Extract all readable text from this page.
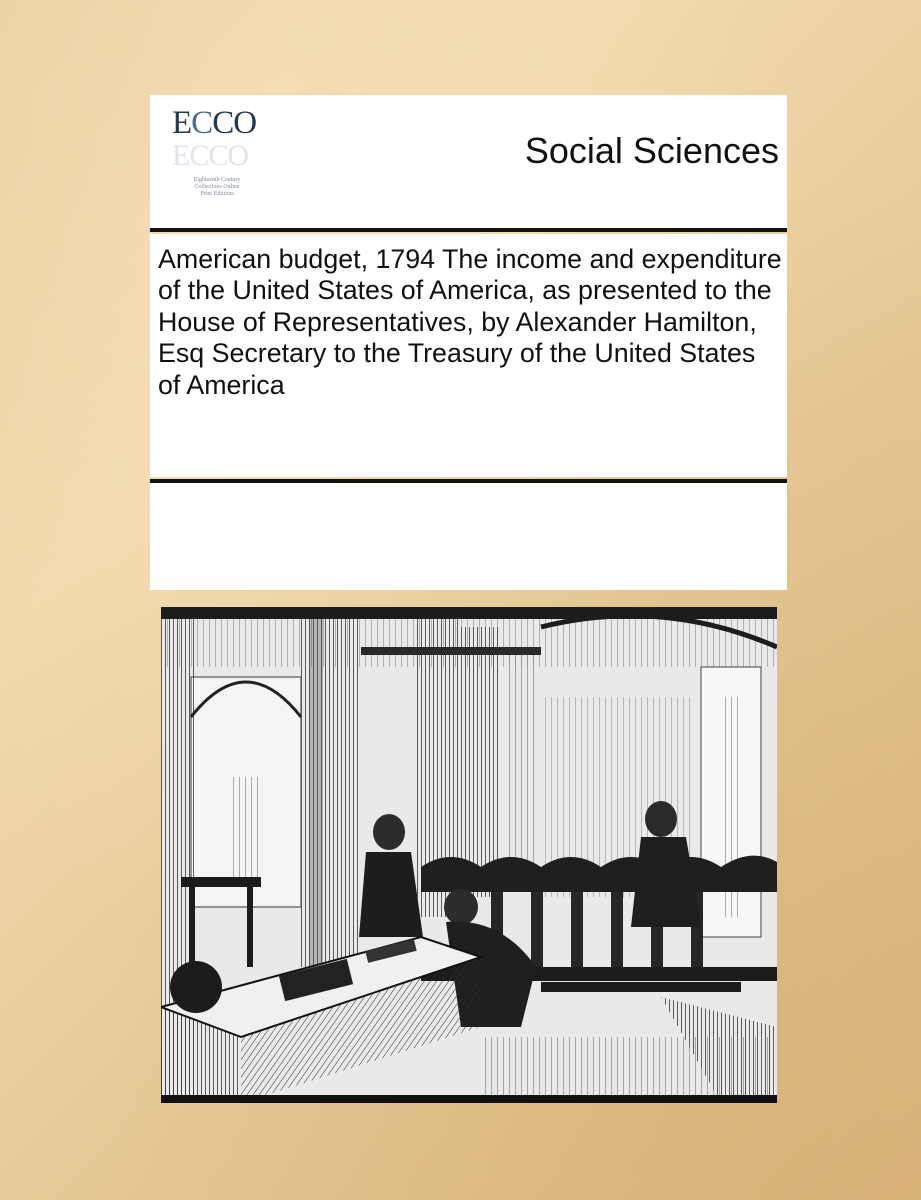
ECCO
ECCO
Eighteenth Century
Collections Online
Print Editions
Social Sciences

American budget, 1794 The income and expenditure of the United States of America, as presented to the House of Representatives, by Alexander Hamilton, Esq Secretary to the Treasury of the United States of America
